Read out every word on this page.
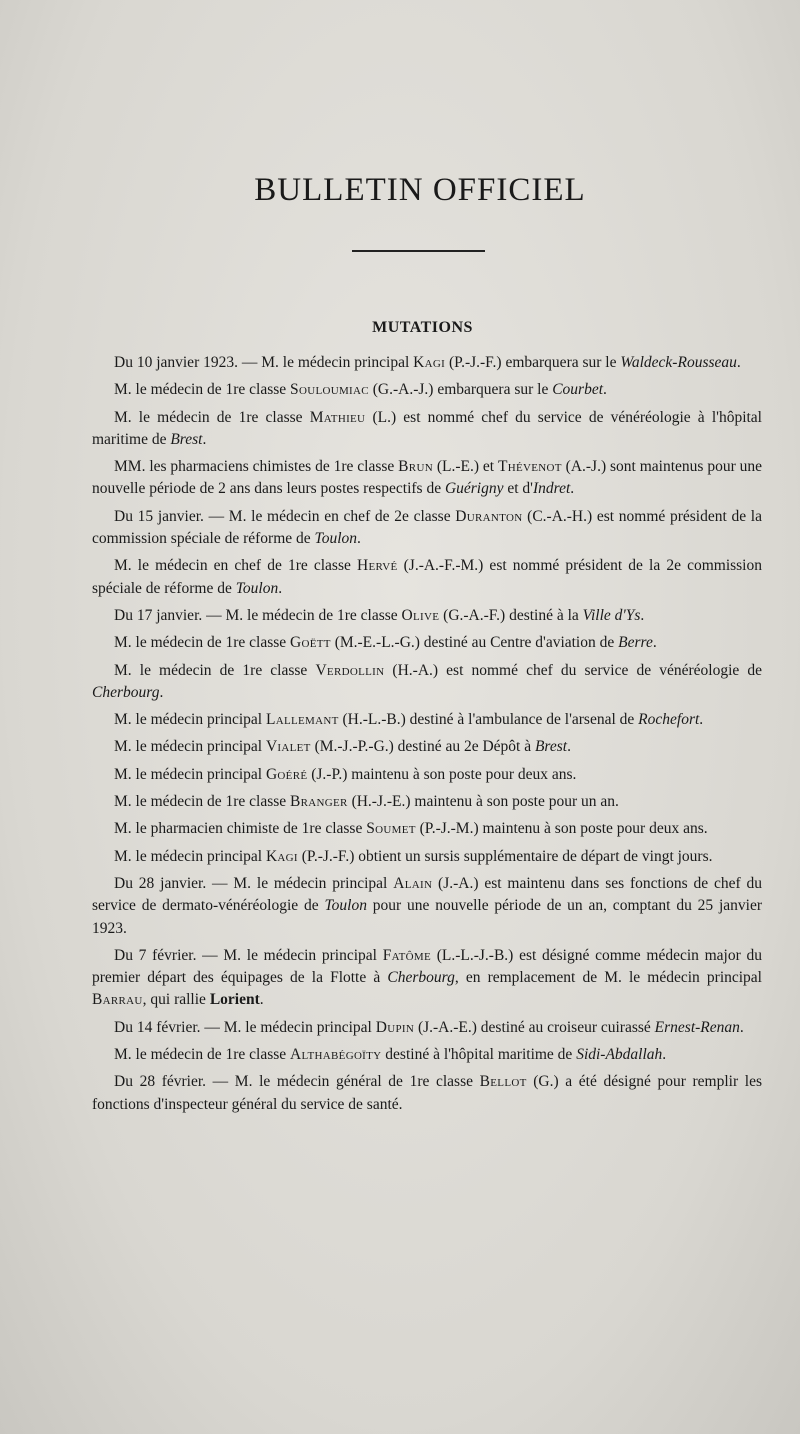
BULLETIN OFFICIEL
MUTATIONS

Du 10 janvier 1923. — M. le médecin principal Kagi (P.-J.-F.) embarquera sur le Waldeck-Rousseau.

M. le médecin de 1re classe Souloumiac (G.-A.-J.) embarquera sur le Courbet.

M. le médecin de 1re classe Mathieu (L.) est nommé chef du service de vénéréologie à l'hôpital maritime de Brest.

MM. les pharmaciens chimistes de 1re classe Brun (L.-E.) et Thévenot (A.-J.) sont maintenus pour une nouvelle période de 2 ans dans leurs postes respectifs de Guérigny et d'Indret.

Du 15 janvier. — M. le médecin en chef de 2e classe Duranton (C.-A.-H.) est nommé président de la commission spéciale de réforme de Toulon.

M. le médecin en chef de 1re classe Hervé (J.-A.-F.-M.) est nommé président de la 2e commission spéciale de réforme de Toulon.

Du 17 janvier. — M. le médecin de 1re classe Olive (G.-A.-F.) destiné à la Ville d'Ys.

M. le médecin de 1re classe Goëtt (M.-E.-L.-G.) destiné au Centre d'aviation de Berre.

M. le médecin de 1re classe Verdollin (H.-A.) est nommé chef du service de vénéréologie de Cherbourg.

M. le médecin principal Lallemant (H.-L.-B.) destiné à l'ambulance de l'arsenal de Rochefort.

M. le médecin principal Vialet (M.-J.-P.-G.) destiné au 2e Dépôt à Brest.

M. le médecin principal Goéré (J.-P.) maintenu à son poste pour deux ans.

M. le médecin de 1re classe Branger (H.-J.-E.) maintenu à son poste pour un an.

M. le pharmacien chimiste de 1re classe Soumet (P.-J.-M.) maintenu à son poste pour deux ans.

M. le médecin principal Kagi (P.-J.-F.) obtient un sursis supplémentaire de départ de vingt jours.

Du 28 janvier. — M. le médecin principal Alain (J.-A.) est maintenu dans ses fonctions de chef du service de dermato-vénéréologie de Toulon pour une nouvelle période de un an, comptant du 25 janvier 1923.

Du 7 février. — M. le médecin principal Fatôme (L.-L.-J.-B.) est désigné comme médecin major du premier départ des équipages de la Flotte à Cherbourg, en remplacement de M. le médecin principal Barrau, qui rallie Lorient.

Du 14 février. — M. le médecin principal Dupin (J.-A.-E.) destiné au croiseur cuirassé Ernest-Renan.

M. le médecin de 1re classe Althabégoïty destiné à l'hôpital maritime de Sidi-Abdallah.

Du 28 février. — M. le médecin général de 1re classe Bellot (G.) a été désigné pour remplir les fonctions d'inspecteur général du service de santé.
